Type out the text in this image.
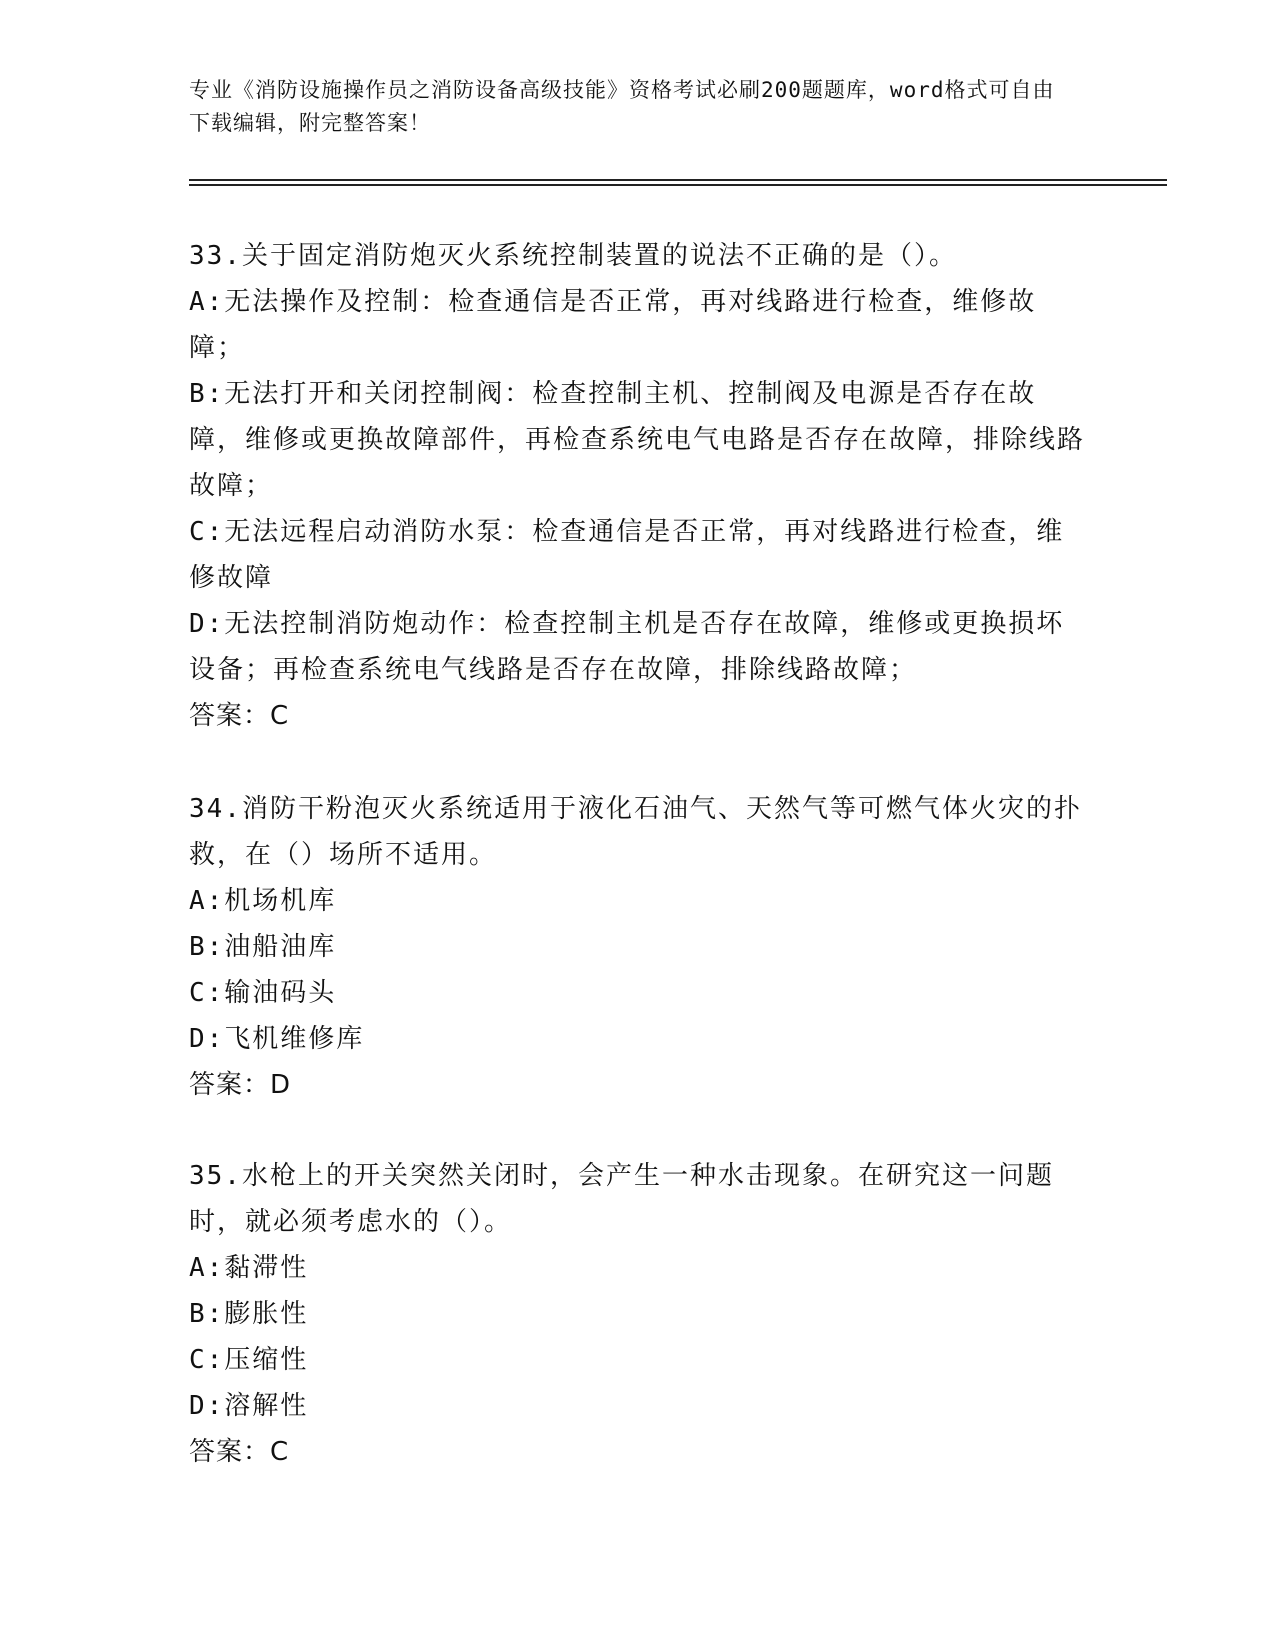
专业《消防设施操作员之消防设备高级技能》资格考试必刷200题题库，word格式可自由下载编辑，附完整答案！
33.关于固定消防炮灭火系统控制装置的说法不正确的是（）。
A:无法操作及控制：检查通信是否正常，再对线路进行检查，维修故障；
B:无法打开和关闭控制阀：检查控制主机、控制阀及电源是否存在故障，维修或更换故障部件，再检查系统电气电路是否存在故障，排除线路故障；
C:无法远程启动消防水泵：检查通信是否正常，再对线路进行检查，维修故障
D:无法控制消防炮动作：检查控制主机是否存在故障，维修或更换损坏设备；再检查系统电气线路是否存在故障，排除线路故障；
答案：C
34.消防干粉泡灭火系统适用于液化石油气、天然气等可燃气体火灾的扑救，在（）场所不适用。
A:机场机库
B:油船油库
C:输油码头
D:飞机维修库
答案：D
35.水枪上的开关突然关闭时，会产生一种水击现象。在研究这一问题时，就必须考虑水的（）。
A:黏滞性
B:膨胀性
C:压缩性
D:溶解性
答案：C
